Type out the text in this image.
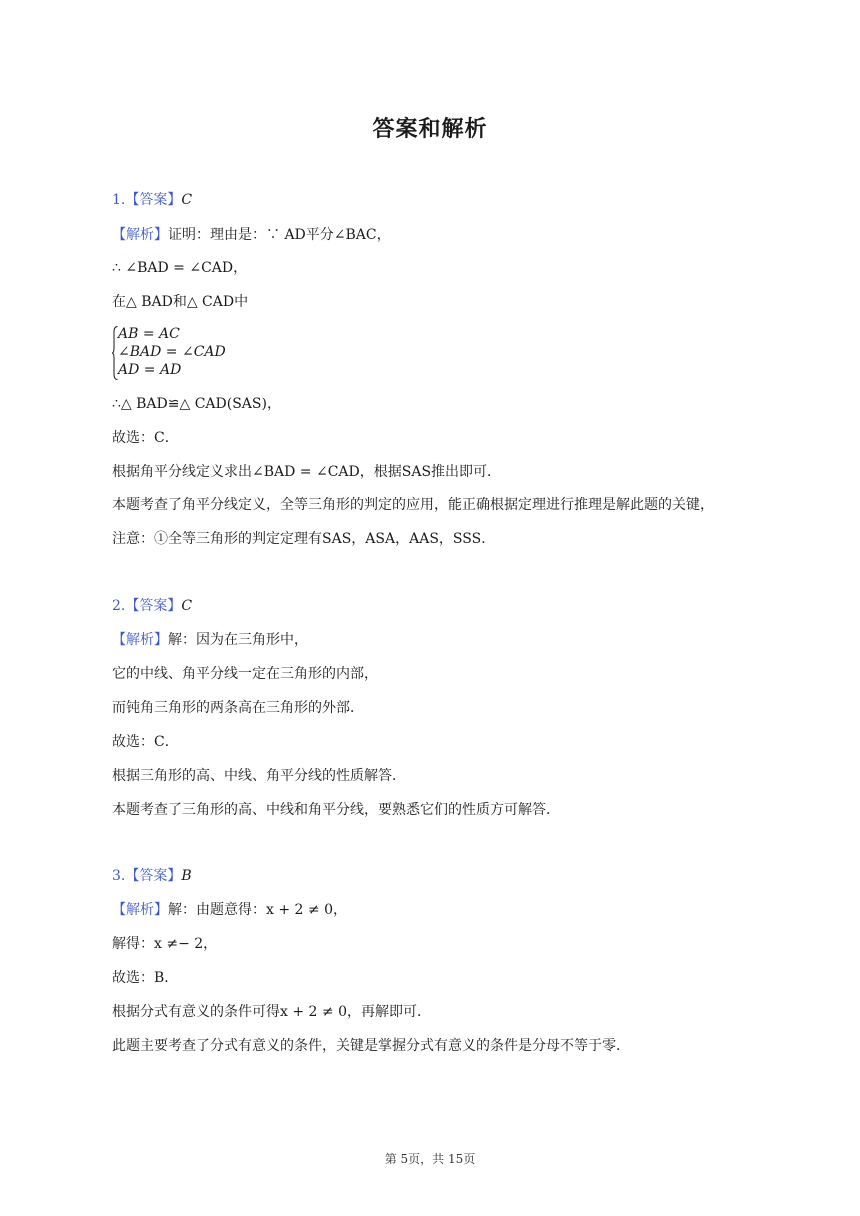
答案和解析
1.【答案】C
【解析】证明：理由是：∵ AD平分∠BAC，
∴ ∠BAD = ∠CAD，
在△ BAD和△ CAD中
AB = AC
∠BAD = ∠CAD
AD = AD
∴△ BAD≌△ CAD(SAS)，
故选：C．
根据角平分线定义求出∠BAD = ∠CAD，根据SAS推出即可．
本题考查了角平分线定义，全等三角形的判定的应用，能正确根据定理进行推理是解此题的关键，
注意：①全等三角形的判定定理有SAS，ASA，AAS，SSS．
2.【答案】C
【解析】解：因为在三角形中，
它的中线、角平分线一定在三角形的内部，
而钝角三角形的两条高在三角形的外部．
故选：C．
根据三角形的高、中线、角平分线的性质解答．
本题考查了三角形的高、中线和角平分线，要熟悉它们的性质方可解答．
3.【答案】B
【解析】解：由题意得：x + 2 ≠ 0，
解得：x ≠− 2，
故选：B．
根据分式有意义的条件可得x + 2 ≠ 0，再解即可．
此题主要考查了分式有意义的条件，关键是掌握分式有意义的条件是分母不等于零．
第 5页，共 15页
